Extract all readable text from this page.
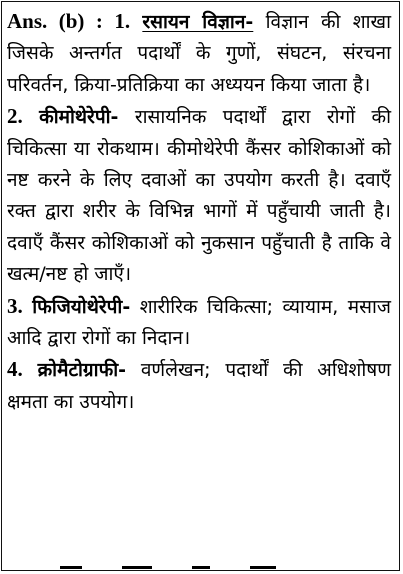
Ans. (b) : 1. रसायन विज्ञान- विज्ञान की शाखा जिसके अन्तर्गत पदार्थों के गुणों, संघटन, संरचना परिवर्तन, क्रिया-प्रतिक्रिया का अध्ययन किया जाता है।

2. कीमोथेरेपी- रासायनिक पदार्थों द्वारा रोगों की चिकित्सा या रोकथाम। कीमोथेरेपी कैंसर कोशिकाओं को नष्ट करने के लिए दवाओं का उपयोग करती है। दवाएँ रक्त द्वारा शरीर के विभिन्न भागों में पहुँचायी जाती है। दवाएँ कैंसर कोशिकाओं को नुकसान पहुँचाती है ताकि वे खत्म/नष्ट हो जाएँ।

3. फिजियोथेरेपी- शारीरिक चिकित्सा; व्यायाम, मसाज आदि द्वारा रोगों का निदान।

4. क्रोमैटोग्राफी- वर्णलेखन; पदार्थों की अधिशोषण क्षमता का उपयोग।
